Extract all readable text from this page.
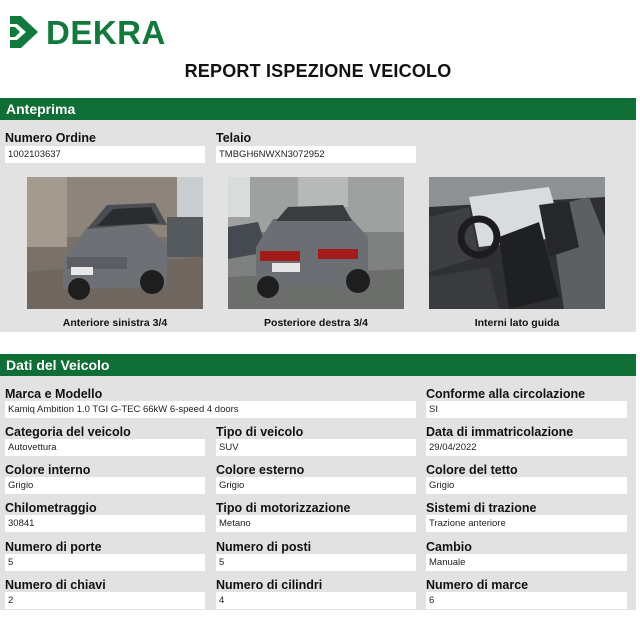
DEKRA
REPORT ISPEZIONE VEICOLO
Anteprima
Numero Ordine
1002103637
Telaio
TMBGH6NWXN3072952
Anteriore sinistra 3/4	Posteriore destra 3/4	Interni lato guida
Dati del Veicolo
Marca e Modello
Kamiq Ambition 1.0 TGI G-TEC 66kW 6-speed 4 doors
Conforme alla circolazione
SI
Categoria del veicolo
Autovettura
Tipo di veicolo
SUV
Data di immatricolazione
29/04/2022
Colore interno
Grigio
Colore esterno
Grigio
Colore del tetto
Grigio
Chilometraggio
30841
Tipo di motorizzazione
Metano
Sistemi di trazione
Trazione anteriore
Numero di porte
5
Numero di posti
5
Cambio
Manuale
Numero di chiavi
2
Numero di cilindri
4
Numero di marce
6
